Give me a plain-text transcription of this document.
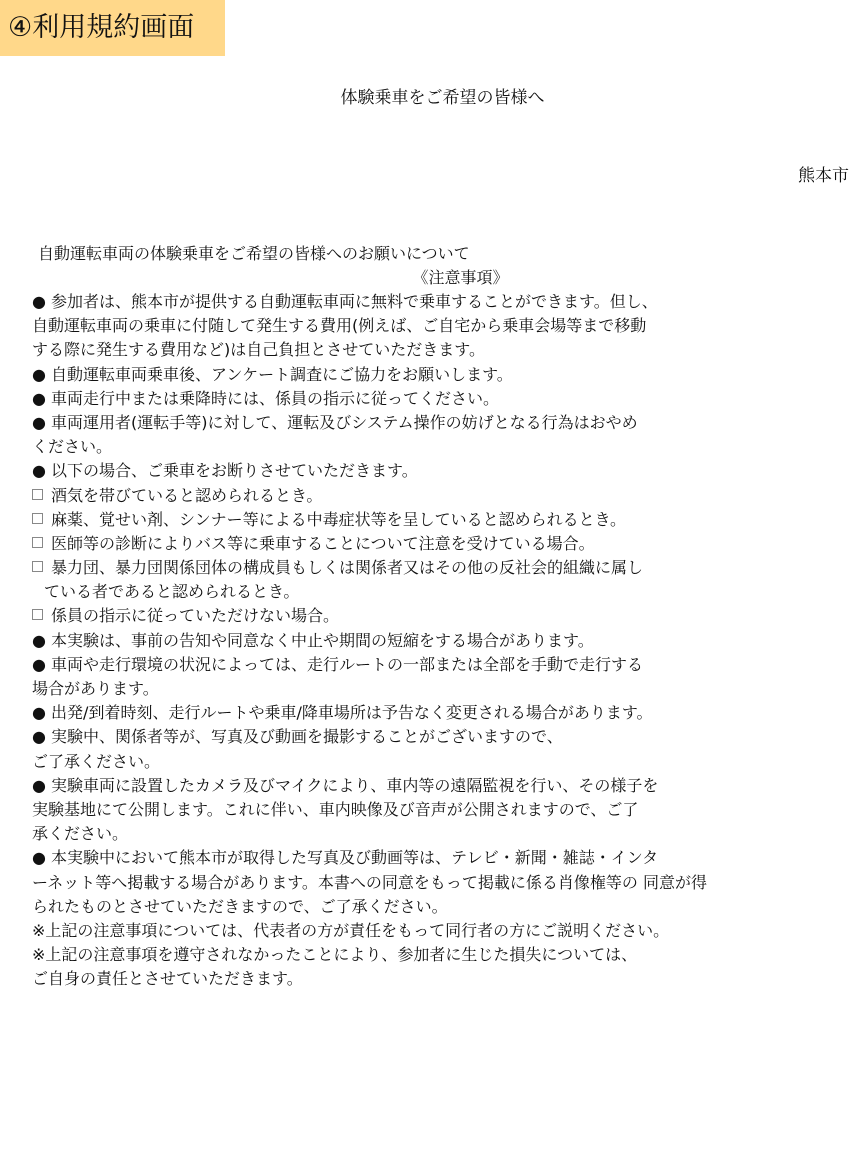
④利用規約画面
体験乗車をご希望の皆様へ
熊本市
自動運転車両の体験乗車をご希望の皆様へのお願いについて
《注意事項》
● 参加者は、熊本市が提供する自動運転車両に無料で乗車することができます。但し、
自動運転車両の乗車に付随して発生する費用(例えば、ご自宅から乗車会場等まで移動
する際に発生する費用など)は自己負担とさせていただきます。
● 自動運転車両乗車後、アンケート調査にご協力をお願いします。
● 車両走行中または乗降時には、係員の指示に従ってください。
● 車両運用者(運転手等)に対して、運転及びシステム操作の妨げとなる行為はおやめ
ください。
● 以下の場合、ご乗車をお断りさせていただきます。
酒気を帯びていると認められるとき。
麻薬、覚せい剤、シンナー等による中毒症状等を呈していると認められるとき。
医師等の診断によりバス等に乗車することについて注意を受けている場合。
暴力団、暴力団関係団体の構成員もしくは関係者又はその他の反社会的組織に属し
ている者であると認められるとき。
係員の指示に従っていただけない場合。
● 本実験は、事前の告知や同意なく中止や期間の短縮をする場合があります。
● 車両や走行環境の状況によっては、走行ルートの一部または全部を手動で走行する
場合があります。
● 出発/到着時刻、走行ルートや乗車/降車場所は予告なく変更される場合があります。
● 実験中、関係者等が、写真及び動画を撮影することがございますので、
ご了承ください。
● 実験車両に設置したカメラ及びマイクにより、車内等の遠隔監視を行い、その様子を
実験基地にて公開します。これに伴い、車内映像及び音声が公開されますので、ご了
承ください。
● 本実験中において熊本市が取得した写真及び動画等は、テレビ・新聞・雑誌・インタ
ーネット等へ掲載する場合があります。本書への同意をもって掲載に係る肖像権等の 同意が得
られたものとさせていただきますので、ご了承ください。
※上記の注意事項については、代表者の方が責任をもって同行者の方にご説明ください。
※上記の注意事項を遵守されなかったことにより、参加者に生じた損失については、
ご自身の責任とさせていただきます。
